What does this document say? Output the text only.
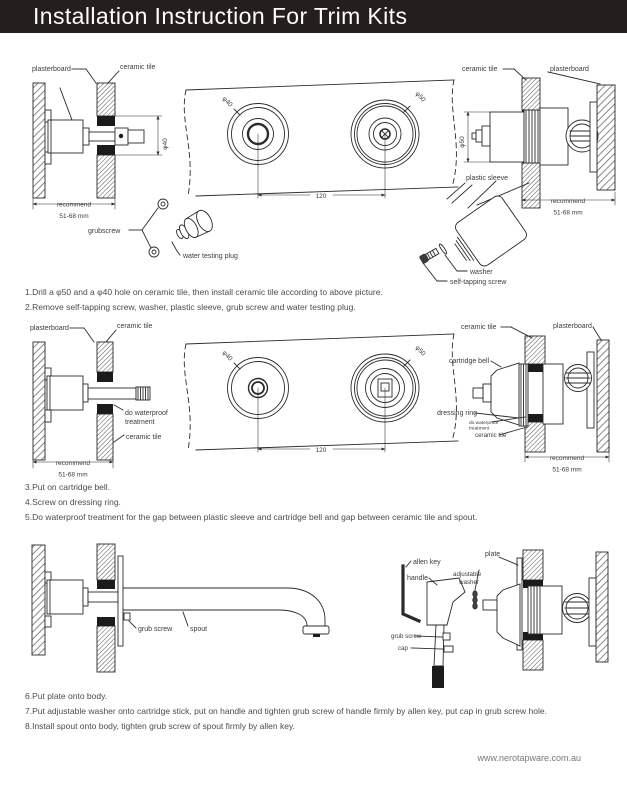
Installation Instruction For Trim Kits
plasterboard	ceramic tile
φ40
recommend
51-68 mm
φ40	φ50
120
grubscrew
water testing plug
ceramic tile	plasterboard
φ50
plastic sleeve
recommend
51-68 mm
washer
self-tapping screw
1.Drill a φ50 and a φ40 hole on ceramic tile, then install ceramic tile according to above picture.
2.Remove self-tapping screw, washer, plastic sleeve, grub screw and water testing plug.
plasterboard	ceramic tile
do waterproof
treatment
ceramic tile
recommend
51-68 mm
φ40	φ50
120
ceramic tile	plasterboard
cartridge bell
dressing ring
do waterproof
treatment
ceramic tile
recommend
51-68 mm
3.Put on cartridge bell.
4.Screw on dressing ring.
5.Do waterproof treatment for the gap between plastic sleeve and cartridge bell and gap between ceramic tile and spout.
grub screw	spout
allen key
handle
adjustable
washer
plate
grub screw
cap
6.Put plate onto body.
7.Put adjustable washer onto cartridge stick, put on handle and tighten grub screw of handle firmly by allen key, put cap in grub screw hole.
8.Install spout onto body, tighten grub screw of spout firmly by allen key.
www.nerotapware.com.au
